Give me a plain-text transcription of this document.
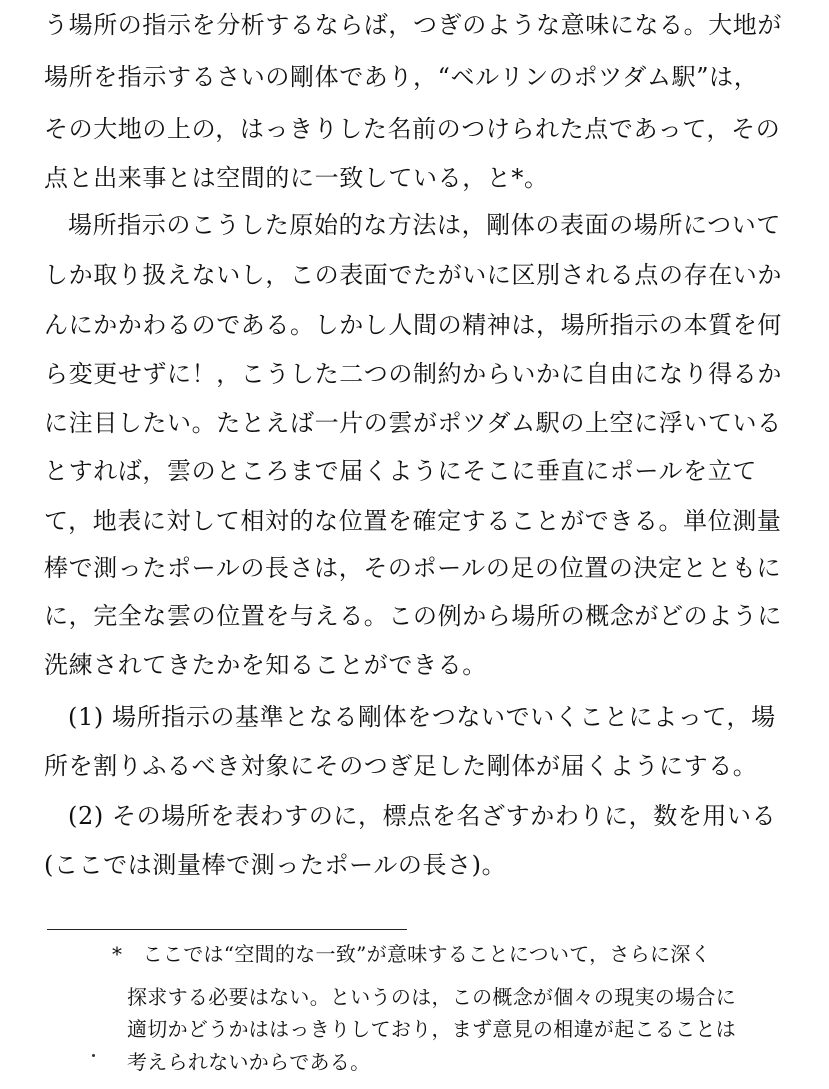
う場所の指示を分析するならば，つぎのような意味になる。大地が
場所を指示するさいの剛体であり，“ベルリンのポツダム駅”は，
その大地の上の，はっきりした名前のつけられた点であって，その
点と出来事とは空間的に一致している，と*。
場所指示のこうした原始的な方法は，剛体の表面の場所について
しか取り扱えないし，この表面でたがいに区別される点の存在いか
んにかかわるのである。しかし人間の精神は，場所指示の本質を何
ら変更せずに！，こうした二つの制約からいかに自由になり得るか
に注目したい。たとえば一片の雲がポツダム駅の上空に浮いている
とすれば，雲のところまで届くようにそこに垂直にポールを立て
て，地表に対して相対的な位置を確定することができる。単位測量
棒で測ったポールの長さは，そのポールの足の位置の決定とともに
に，完全な雲の位置を与える。この例から場所の概念がどのように
洗練されてきたかを知ることができる。
(1) 場所指示の基準となる剛体をつないでいくことによって，場
所を割りふるべき対象にそのつぎ足した剛体が届くようにする。
(2) その場所を表わすのに，標点を名ざすかわりに，数を用いる
(ここでは測量棒で測ったポールの長さ)。
*　ここでは“空間的な一致”が意味することについて，さらに深く
探求する必要はない。というのは，この概念が個々の現実の場合に
適切かどうかははっきりしており，まず意見の相違が起こることは
考えられないからである。
